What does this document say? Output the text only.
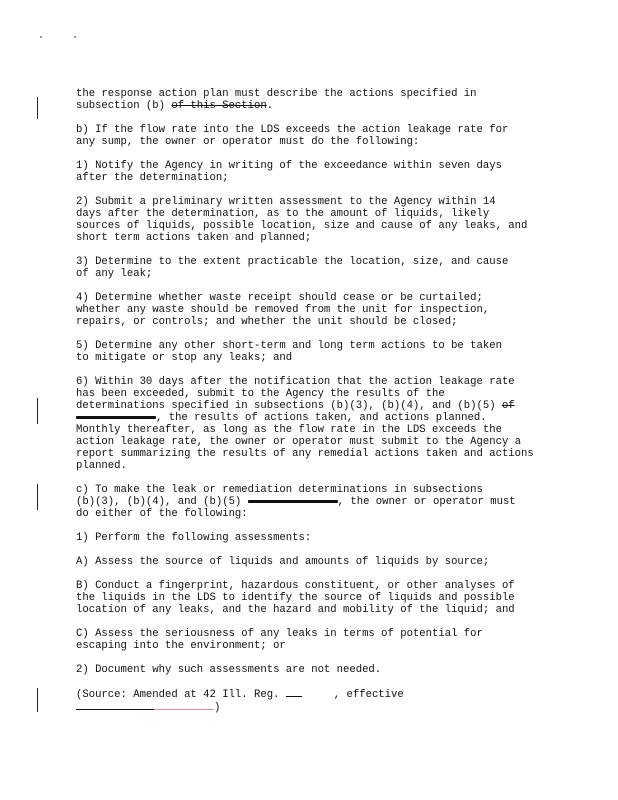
the response action plan must describe the actions specified in
subsection (b) of this Section.
b) If the flow rate into the LDS exceeds the action leakage rate for
any sump, the owner or operator must do the following:
1) Notify the Agency in writing of the exceedance within seven days
after the determination;
2) Submit a preliminary written assessment to the Agency within 14
days after the determination, as to the amount of liquids, likely
sources of liquids, possible location, size and cause of any leaks, and
short term actions taken and planned;
3) Determine to the extent practicable the location, size, and cause
of any leak;
4) Determine whether waste receipt should cease or be curtailed;
whether any waste should be removed from the unit for inspection,
repairs, or controls; and whether the unit should be closed;
5) Determine any other short-term and long term actions to be taken
to mitigate or stop any leaks; and
6) Within 30 days after the notification that the action leakage rate
has been exceeded, submit to the Agency the results of the
determinations specified in subsections (b)(3), (b)(4), and (b)(5) of
, the results of actions taken, and actions planned.
Monthly thereafter, as long as the flow rate in the LDS exceeds the
action leakage rate, the owner or operator must submit to the Agency a
report summarizing the results of any remedial actions taken and actions
planned.
c) To make the leak or remediation determinations in subsections
(b)(3), (b)(4), and (b)(5)	, the owner or operator must
do either of the following:
1) Perform the following assessments:
A) Assess the source of liquids and amounts of liquids by source;
B) Conduct a fingerprint, hazardous constituent, or other analyses of
the liquids in the LDS to identify the source of liquids and possible
location of any leaks, and the hazard and mobility of the liquid; and
C) Assess the seriousness of any leaks in terms of potential for
escaping into the environment; or
2) Document why such assessments are not needed.
(Source: Amended at 42 Ill. Reg.	, effective
)
